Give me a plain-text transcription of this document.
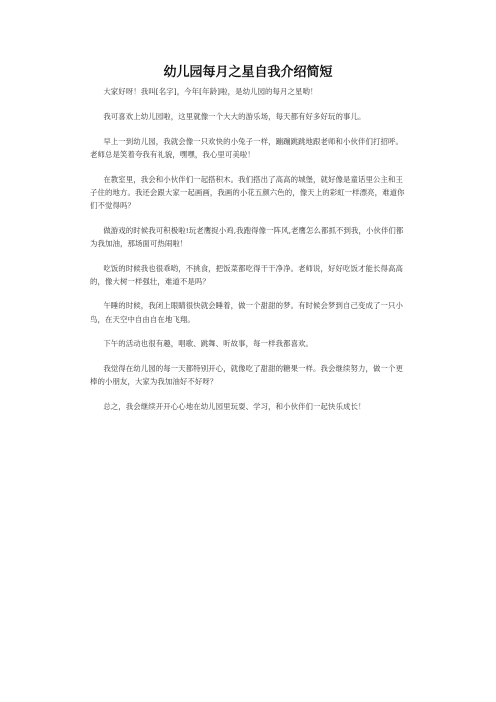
幼儿园每月之星自我介绍简短

大家好呀！我叫[名字]，今年[年龄]啦，是幼儿园的每月之星哟！

我可喜欢上幼儿园啦，这里就像一个大大的游乐场，每天都有好多好玩的事儿。

早上一到幼儿园，我就会像一只欢快的小兔子一样，蹦蹦跳跳地跟老师和小伙伴们打招呼。老师总是笑着夸我有礼貌，嘿嘿，我心里可美啦！

在教室里，我会和小伙伴们一起搭积木。我们搭出了高高的城堡，就好像是童话里公主和王子住的地方。我还会跟大家一起画画，我画的小花五颜六色的，像天上的彩虹一样漂亮，难道你们不觉得吗？

做游戏的时候我可积极啦!玩老鹰捉小鸡,我跑得像一阵风,老鹰怎么都抓不到我，小伙伴们都为我加油，那场面可热闹啦！

吃饭的时候我也很乖哟，不挑食，把饭菜都吃得干干净净。老师说，好好吃饭才能长得高高的，像大树一样强壮，难道不是吗？

午睡的时候，我闭上眼睛很快就会睡着，做一个甜甜的梦。有时候会梦到自己变成了一只小鸟，在天空中自由自在地飞翔。

下午的活动也很有趣，唱歌、跳舞、听故事，每一样我都喜欢。

我觉得在幼儿园的每一天都特别开心，就像吃了甜甜的糖果一样。我会继续努力，做一个更棒的小朋友，大家为我加油好不好呀？

总之，我会继续开开心心地在幼儿园里玩耍、学习，和小伙伴们一起快乐成长！
